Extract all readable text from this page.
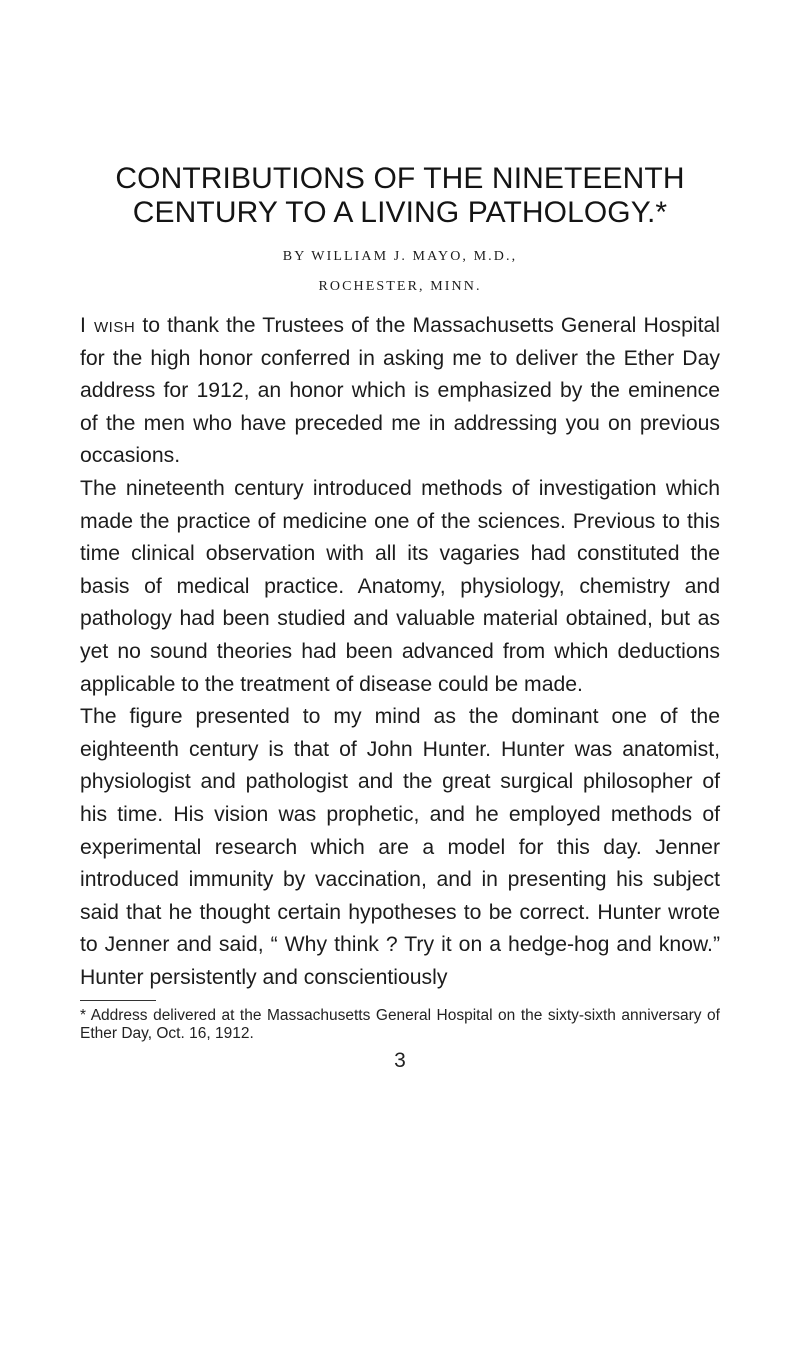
CONTRIBUTIONS OF THE NINETEENTH
CENTURY TO A LIVING PATHOLOGY.*
BY WILLIAM J. MAYO, M.D.,
ROCHESTER, MINN.

I wish to thank the Trustees of the Massachusetts General Hospital for the high honor conferred in asking me to deliver the Ether Day address for 1912, an honor which is emphasized by the eminence of the men who have preceded me in addressing you on previous occasions.

The nineteenth century introduced methods of investigation which made the practice of medicine one of the sciences. Previous to this time clinical observation with all its vagaries had constituted the basis of medical practice. Anatomy, physiology, chemistry and pathology had been studied and valuable material obtained, but as yet no sound theories had been advanced from which deductions applicable to the treatment of disease could be made.

The figure presented to my mind as the dominant one of the eighteenth century is that of John Hunter. Hunter was anatomist, physiologist and pathologist and the great surgical philosopher of his time. His vision was prophetic, and he employed methods of experimental research which are a model for this day. Jenner introduced immunity by vaccination, and in presenting his subject said that he thought certain hypotheses to be correct. Hunter wrote to Jenner and said, “ Why think ? Try it on a hedge-hog and know.” Hunter persistently and conscientiously

* Address delivered at the Massachusetts General Hospital on the sixty-sixth anniversary of Ether Day, Oct. 16, 1912.
3
